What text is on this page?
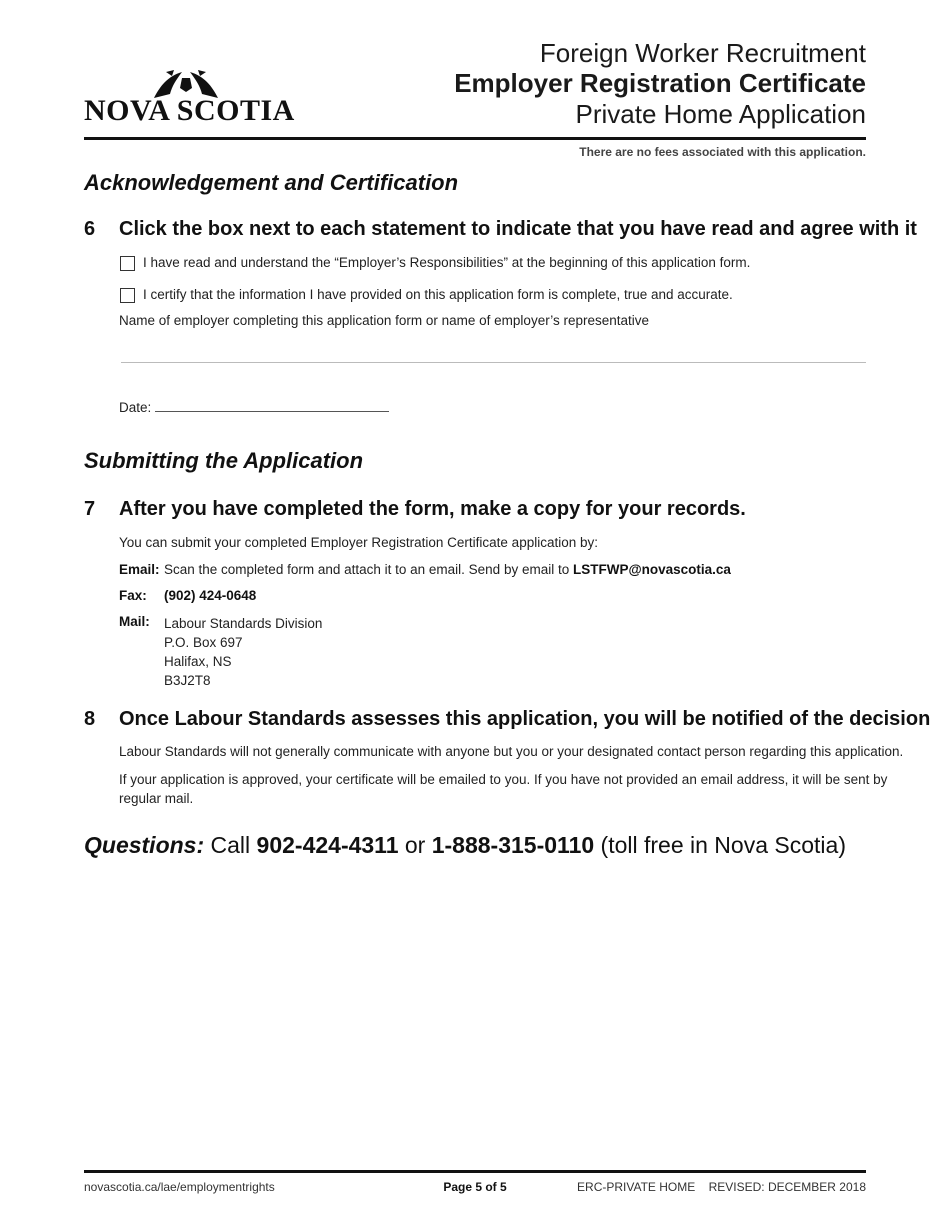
NOVA SCOTIA
Foreign Worker Recruitment
Employer Registration Certificate
Private Home Application
There are no fees associated with this application.
Acknowledgement and Certification
6 Click the box next to each statement to indicate that you have read and agree with it
I have read and understand the “Employer’s Responsibilities” at the beginning of this application form.
I certify that the information I have provided on this application form is complete, true and accurate.
Name of employer completing this application form or name of employer’s representative
Date:
Submitting the Application
7 After you have completed the form, make a copy for your records.
You can submit your completed Employer Registration Certificate application by:
Email: Scan the completed form and attach it to an email. Send by email to LSTFWP@novascotia.ca
Fax: (902) 424-0648
Mail: Labour Standards Division
P.O. Box 697
Halifax, NS
B3J2T8
8 Once Labour Standards assesses this application, you will be notified of the decision
Labour Standards will not generally communicate with anyone but you or your designated contact person regarding this application.
If your application is approved, your certificate will be emailed to you. If you have not provided an email address, it will be sent by
regular mail.
Questions: Call 902-424-4311 or 1-888-315-0110 (toll free in Nova Scotia)
novascotia.ca/lae/employmentrights	Page 5 of 5	ERC-PRIVATE HOME REVISED: DECEMBER 2018
